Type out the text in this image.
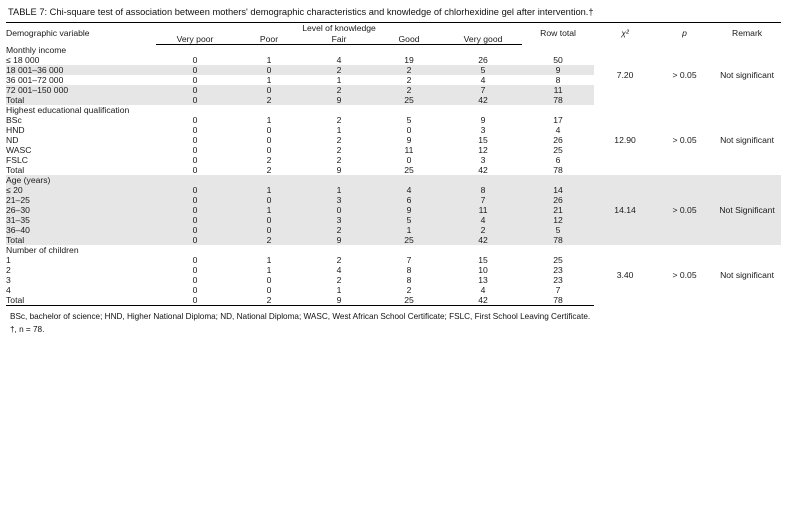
TABLE 7: Chi-square test of association between mothers' demographic characteristics and knowledge of chlorhexidine gel after intervention.†
Demographic variable	Level of knowledge					Row total	χ²	p	Remark
	Very poor	Poor	Fair	Good	Very good				
Monthly income							7.20	> 0.05	Not significant
≤ 18 000	0	1	4	19	26	50			
18 001–36 000	0	0	2	2	5	9			
36 001–72 000	0	1	1	2	4	8			
72 001–150 000	0	0	2	2	7	11			
Total	0	2	9	25	42	78			
Highest educational qualification							12.90	> 0.05	Not significant
BSc	0	1	2	5	9	17			
HND	0	0	1	0	3	4			
ND	0	0	2	9	15	26			
WASC	0	0	2	11	12	25			
FSLC	0	2	2	0	3	6			
Total	0	2	9	25	42	78			
Age (years)							14.14	> 0.05	Not Significant
≤ 20	0	1	1	4	8	14			
21–25	0	0	3	6	7	26			
26–30	0	1	0	9	11	21			
31–35	0	0	3	5	4	12			
36–40	0	0	2	1	2	5			
Total	0	2	9	25	42	78			
Number of children							3.40	> 0.05	Not significant
1	0	1	2	7	15	25			
2	0	1	4	8	10	23			
3	0	0	2	8	13	23			
4	0	0	1	2	4	7			
Total	0	2	9	25	42	78			
BSc, bachelor of science; HND, Higher National Diploma; ND, National Diploma; WASC, West African School Certificate; FSLC, First School Leaving Certificate.
†, n = 78.
